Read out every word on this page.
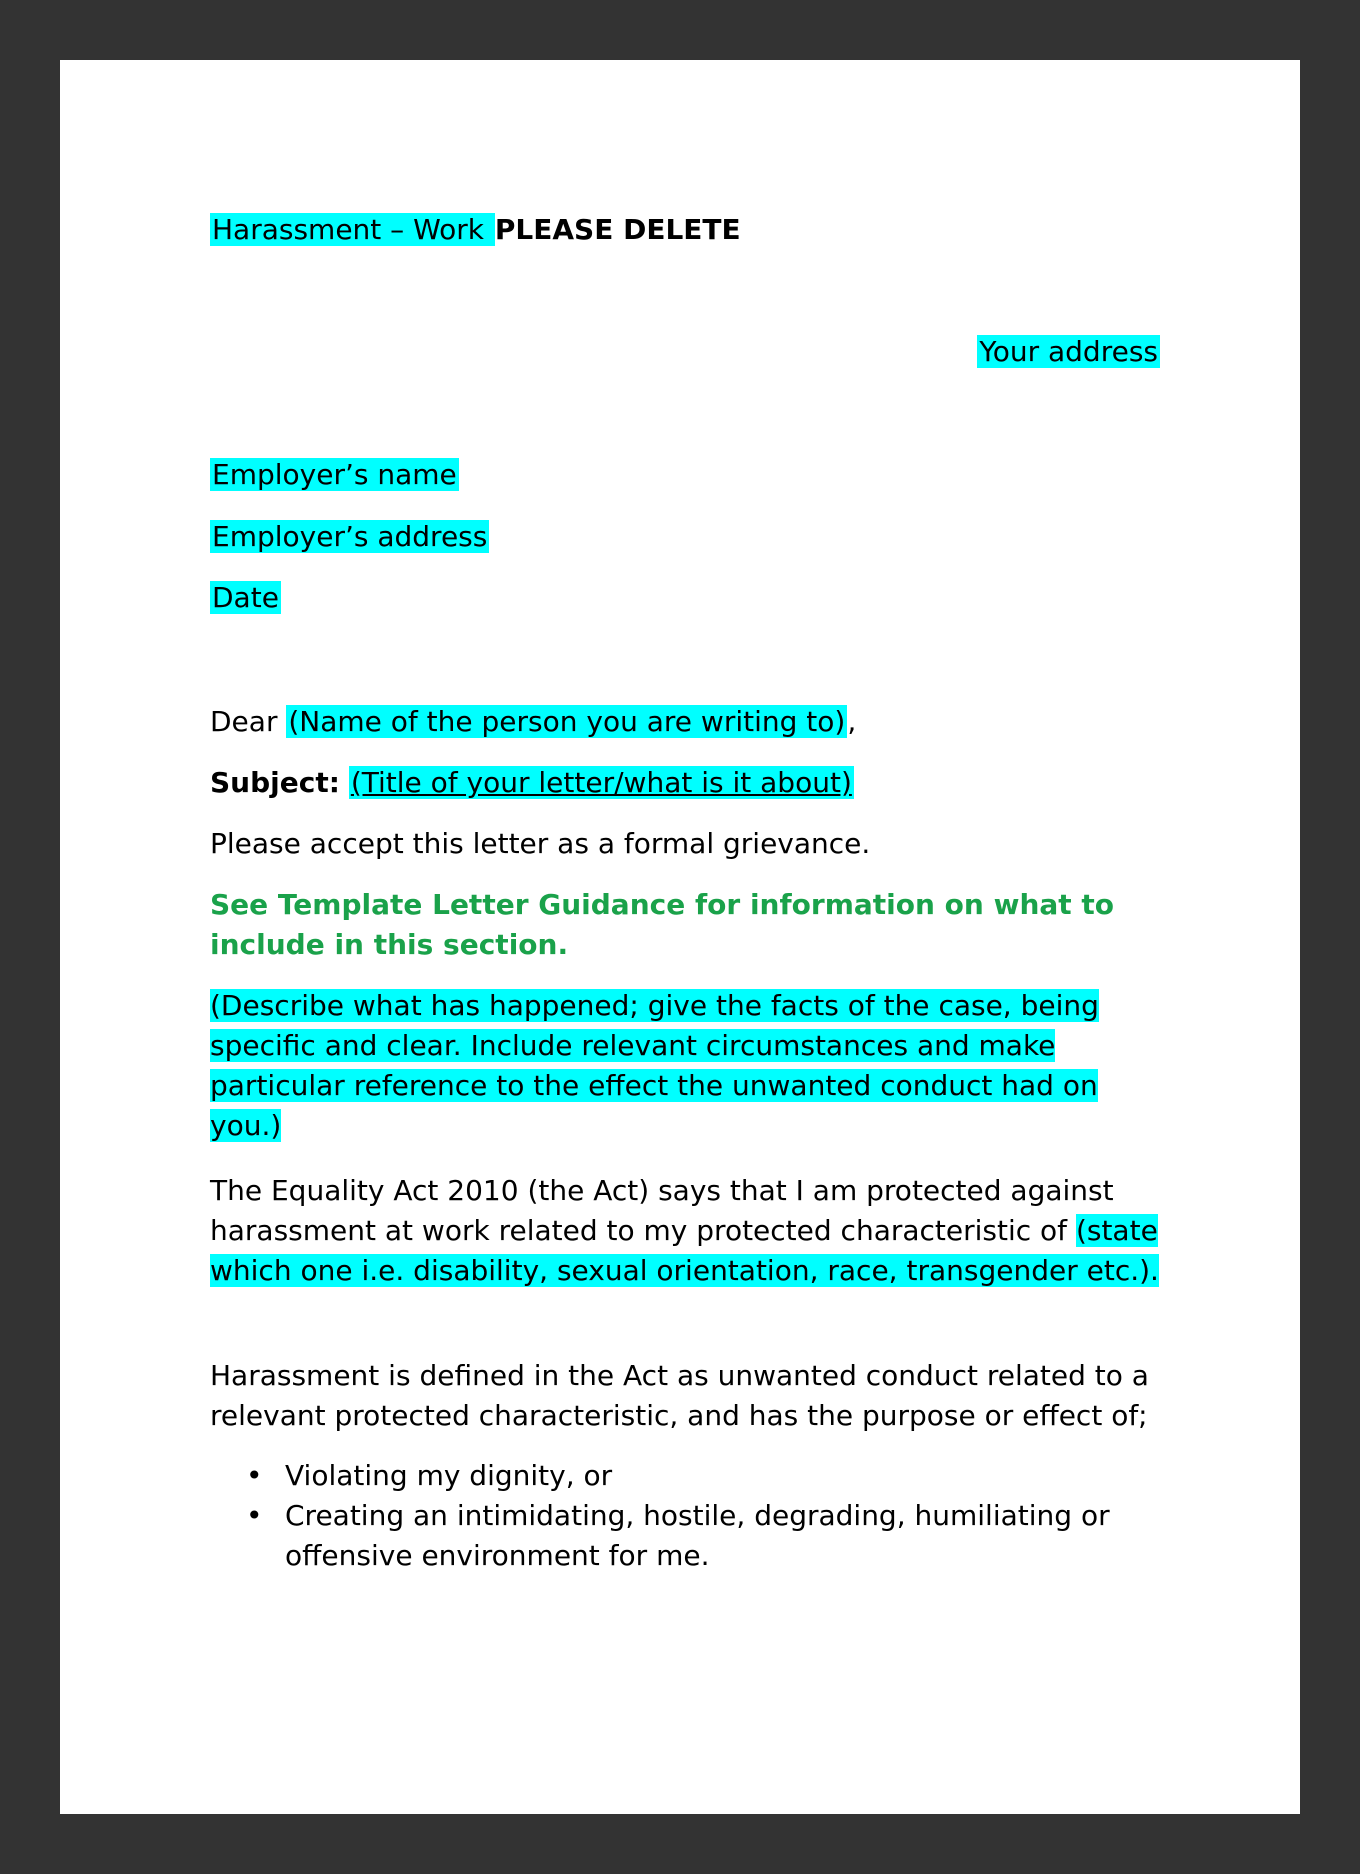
Harassment – Work PLEASE DELETE
Your address
Employer’s name
Employer’s address
Date
Dear (Name of the person you are writing to),
Subject: (Title of your letter/what is it about)
Please accept this letter as a formal grievance.
See Template Letter Guidance for information on what to include in this section.
(Describe what has happened; give the facts of the case, being specific and clear. Include relevant circumstances and make particular reference to the effect the unwanted conduct had on you.)
The Equality Act 2010 (the Act) says that I am protected against harassment at work related to my protected characteristic of (state which one i.e. disability, sexual orientation, race, transgender etc.).
Harassment is defined in the Act as unwanted conduct related to a relevant protected characteristic, and has the purpose or effect of;
• Violating my dignity, or
• Creating an intimidating, hostile, degrading, humiliating or offensive environment for me.
